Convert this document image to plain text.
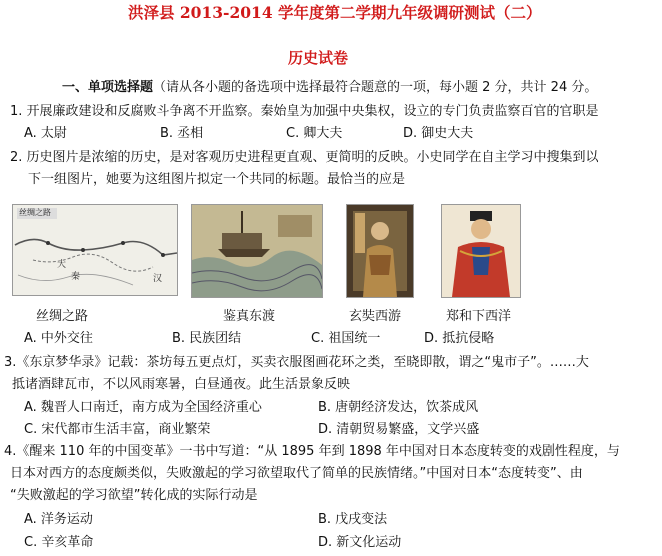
洪泽县 2013-2014 学年度第二学期九年级调研测试（二）
历史试卷
一、单项选择题（请从各小题的备选项中选择最符合题意的一项，每小题 2 分，共计 24 分。
1. 开展廉政建设和反腐败斗争离不开监察。秦始皇为加强中央集权，设立的专门负责监察百官的官职是
A. 太尉	B. 丞相	C. 卿大夫	D. 御史大夫
2. 历史图片是浓缩的历史，是对客观历史进程更直观、更简明的反映。小史同学在自主学习中搜集到以
下一组图片，她要为这组图片拟定一个共同的标题。最恰当的应是
大
秦	汉
丝绸之路
丝绸之路	鉴真东渡	玄奘西游	郑和下西洋
A. 中外交往	B. 民族团结	C. 祖国统一	D. 抵抗侵略
3.《东京梦华录》记载：茶坊每五更点灯，买卖衣服图画花环之类，至晓即散，谓之“鬼市子”。……大
抵诸酒肆瓦市，不以风雨寒暑，白昼通夜。此生活景象反映
A. 魏晋人口南迁，南方成为全国经济重心	B. 唐朝经济发达，饮茶成风
C. 宋代都市生活丰富，商业繁荣	D. 清朝贸易繁盛，文学兴盛
4.《醒来 110 年的中国变革》一书中写道：“从 1895 年到 1898 年中国对日本态度转变的戏剧性程度，与
日本对西方的态度颇类似，失败激起的学习欲望取代了简单的民族情绪。”中国对日本“态度转变”、由
“失败激起的学习欲望”转化成的实际行动是
A. 洋务运动	B. 戊戌变法
C. 辛亥革命	D. 新文化运动
